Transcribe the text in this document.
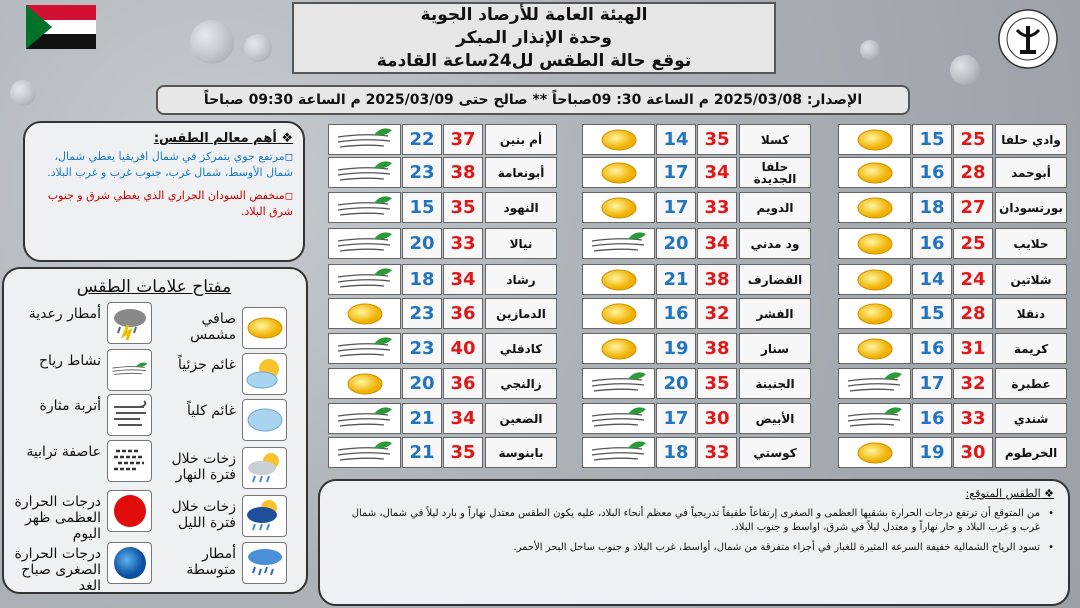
الهيئة العامة للأرصاد الجوية
وحدة الإنذار المبكر
توقع حالة الطقس لل24ساعة القادمة
الإصدار: 2025/03/08 م الساعة 30: 09صباحاً ** صالح حتى 2025/03/09 م الساعة 09:30 صباحاً
❖ أهم معالم الطقس:

◻مرتفع جوي يتمركز في شمال افريقيا يغطي شمال، شمال الأوسط، شمال غرب، جنوب غرب و غرب البلاد.

◻منخفض السودان الجراري الذي يغطي شرق و جنوب شرق البلاد.

مفتاح علامات الطقس
صافي مشمس
أمطار رعدية
غائم جزئياً
نشاط رياح
غائم كلياً
أتربة مثارة
زخات خلال فترة النهار
عاصفة ترابية
زخات خلال فترة الليل
درجات الحرارة العظمى ظهر اليوم
أمطار متوسطة
درجات الحرارة الصغرى صباح الغد
15 25	وادي حلفا
16 28	أبوحمد
18 27	بورتسودان
16 25	حلايب
14 24	شلاتين
15 28	دنقلا
16 31	كريمة
17 32	عطبرة
16 33	شندي
19 30	الخرطوم
14 35	كسلا
17 34	حلفا الجديدة
17 33	الدويم
20 34	ود مدني
21 38	القضارف
16 32	الفشر
19 38	سنار
20 35	الجنينة
17 30	الأبيض
18 33	كوستي
22 37	أم بنين
23 38	أبونعامة
15 35	النهود
20 33	نيالا
18 34	رشاد
23 36	الدمازين
23 40	كادقلي
20 36	زالنجي
21 34	الضعين
21 35	بابنوسة
❖ الطقس المتوقع:

• من المتوقع أن ترتفع درجات الحرارة بشقيها العظمى و الصغرى إرتفاعاً طفيفاً تدريجياً في معظم أنحاء البلاد، عليه يكون الطقس معتدل نهاراً و بارد ليلاً في شمال، شمال غرب و غرب البلاد و حار نهاراً و معتدل ليلاً في شرق، اواسط و جنوب البلاد.

• تسود الرياح الشمالية خفيفة السرعة المثيرة للغبار في أجزاء متفرقة من شمال، أواسط، غرب البلاد و جنوب ساحل البحر الأحمر.
